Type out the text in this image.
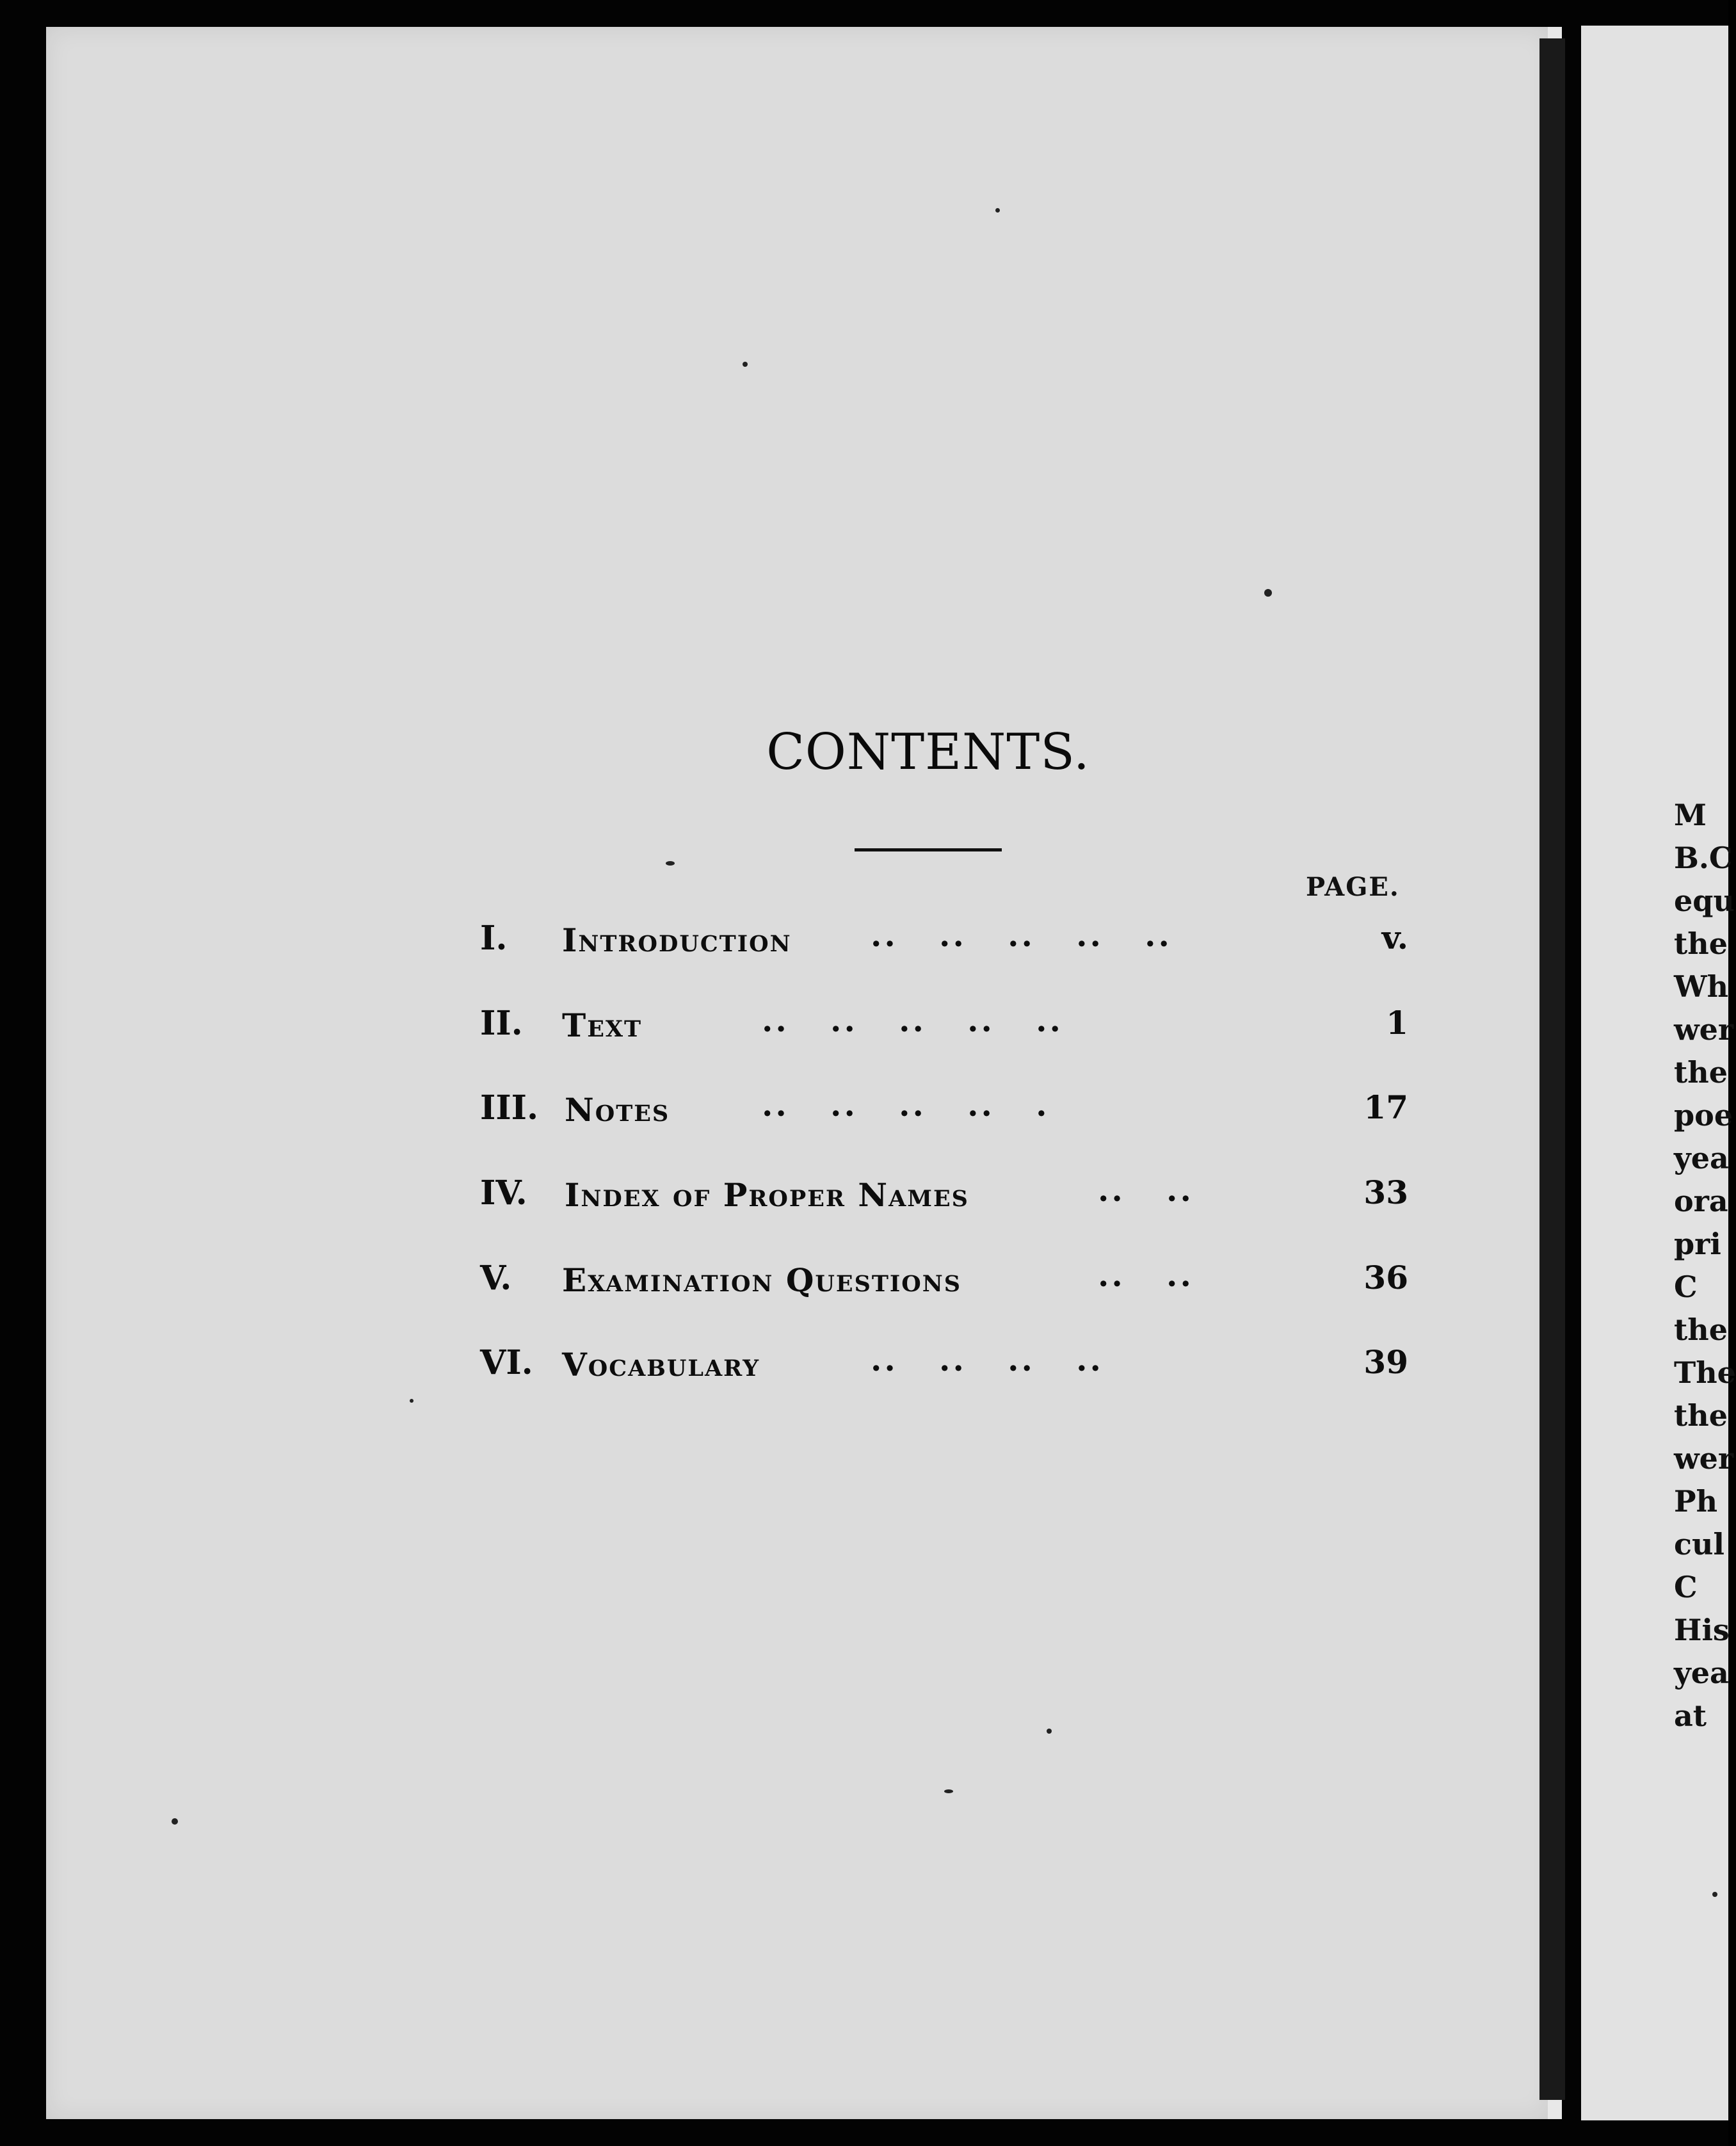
M
B.C
equ
the
Wh
wer
the
poe
yea
ora
pri
C
the
The
the
wer
Ph
cul
C
His
yea
at
CONTENTS.
PAGE.
I. Introduction ..   ..   ..   ..   ..	v.
II. Text	..   ..   ..   ..   ..	1
III. Notes	..   ..   ..   ..   .	17
IV. Index of Proper Names	..   ..	33
V. Examination Questions	..   ..	36
VI. Vocabulary	..   ..   ..   ..	39
